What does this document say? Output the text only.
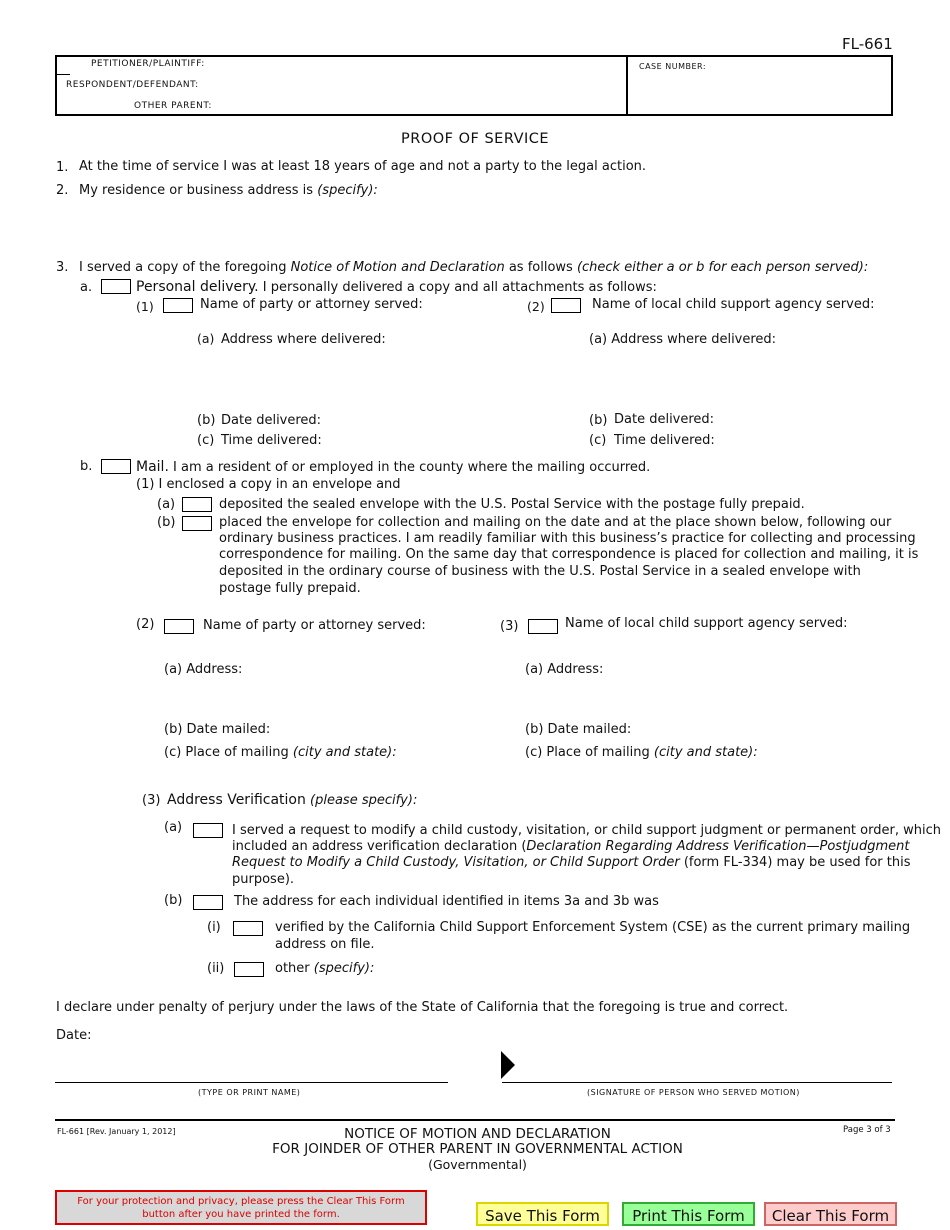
FL-661
PETITIONER/PLAINTIFF:
RESPONDENT/DEFENDANT:
OTHER PARENT:
CASE NUMBER:
PROOF OF SERVICE
1. At the time of service I was at least 18 years of age and not a party to the legal action.
2. My residence or business address is (specify):
3. I served a copy of the foregoing Notice of Motion and Declaration as follows (check either a or b for each person served):
a.	Personal delivery. I personally delivered a copy and all attachments as follows:
(1)	Name of party or attorney served:	(2)	Name of local child support agency served:
(a) Address where delivered:	(a) Address where delivered:
(b) Date delivered:	(b) Date delivered:
(c) Time delivered:	(c) Time delivered:
b.	Mail. I am a resident of or employed in the county where the mailing occurred.
(1) I enclosed a copy in an envelope and
(a)	deposited the sealed envelope with the U.S. Postal Service with the postage fully prepaid.
(b)	placed the envelope for collection and mailing on the date and at the place shown below, following our
ordinary business practices. I am readily familiar with this business’s practice for collecting and processing
correspondence for mailing. On the same day that correspondence is placed for collection and mailing, it is
deposited in the ordinary course of business with the U.S. Postal Service in a sealed envelope with
postage fully prepaid.
(2)	Name of party or attorney served:	(3)	Name of local child support agency served:
(a) Address:	(a) Address:
(b) Date mailed:	(b) Date mailed:
(c) Place of mailing (city and state):	(c) Place of mailing (city and state):
(3) Address Verification (please specify):
(a)	I served a request to modify a child custody, visitation, or child support judgment or permanent order, which
included an address verification declaration (Declaration Regarding Address Verification—Postjudgment
Request to Modify a Child Custody, Visitation, or Child Support Order (form FL-334) may be used for this
purpose).
(b)	The address for each individual identified in items 3a and 3b was
(i)	verified by the California Child Support Enforcement System (CSE) as the current primary mailing
address on file.
(ii)	other (specify):
I declare under penalty of perjury under the laws of the State of California that the foregoing is true and correct.
Date:
(TYPE OR PRINT NAME)	(SIGNATURE OF PERSON WHO SERVED MOTION)
FL-661 [Rev. January 1, 2012]	NOTICE OF MOTION AND DECLARATION
FOR JOINDER OF OTHER PARENT IN GOVERNMENTAL ACTION
(Governmental)
Page 3 of 3
For your protection and privacy, please press the Clear This Form button after you have printed the form.	Save This Form	Print This Form	Clear This Form
